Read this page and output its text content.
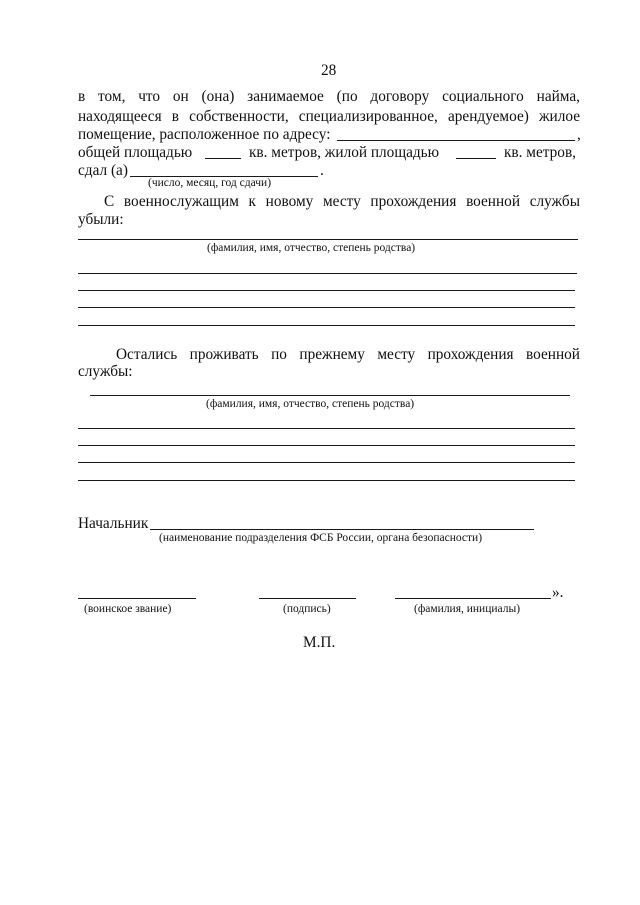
28
в том, что он (она) занимаемое (по договору социального найма,
находящееся в собственности, специализированное, арендуемое) жилое
помещение, расположенное по адресу:	,
общей площадью	кв. метров, жилой площадью	кв. метров,
сдал (а)	.
(число, месяц, год сдачи)
С военнослужащим к новому месту прохождения военной службы
убыли:
(фамилия, имя, отчество, степень родства)
Остались проживать по прежнему месту прохождения военной
службы:
(фамилия, имя, отчество, степень родства)
Начальник
(наименование подразделения ФСБ России, органа безопасности)
».
(воинское звание)	(подпись)	(фамилия, инициалы)
М.П.
